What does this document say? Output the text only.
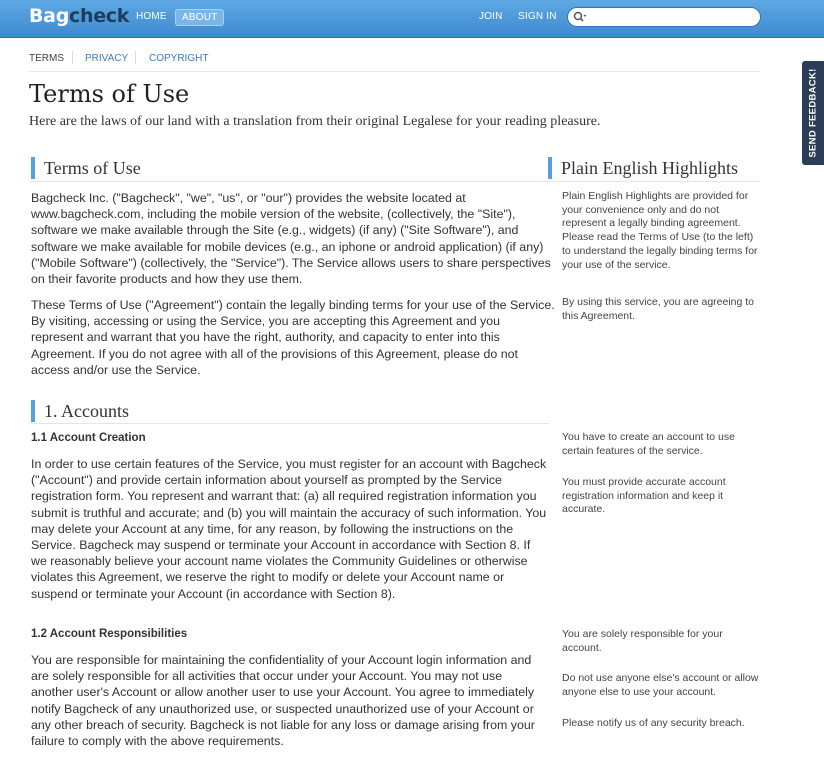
Bagcheck HOME	ABOUT	JOIN SIGN IN
TERMS PRIVACY COPYRIGHT
SEND FEEDBACK!
Terms of Use

Here are the laws of our land with a translation from their original Legalese for your reading pleasure.

Terms of Use	Plain English Highlights

Bagcheck Inc. ("Bagcheck", "we", "us", or "our") provides the website located at www.bagcheck.com, including the mobile version of the website, (collectively, the "Site"), software we make available through the Site (e.g., widgets) (if any) ("Site Software"), and software we make available for mobile devices (e.g., an iphone or android application) (if any) ("Mobile Software") (collectively, the "Service"). The Service allows users to share perspectives on their favorite products and how they use them.

These Terms of Use ("Agreement") contain the legally binding terms for your use of the Service. By visiting, accessing or using the Service, you are accepting this Agreement and you represent and warrant that you have the right, authority, and capacity to enter into this Agreement. If you do not agree with all of the provisions of this Agreement, please do not access and/or use the Service.

Plain English Highlights are provided for your convenience only and do not represent a legally binding agreement. Please read the Terms of Use (to the left) to understand the legally binding terms for your use of the service.

By using this service, you are agreeing to this Agreement.

1. Accounts
1.1 Account Creation

In order to use certain features of the Service, you must register for an account with Bagcheck ("Account") and provide certain information about yourself as prompted by the Service registration form. You represent and warrant that: (a) all required registration information you submit is truthful and accurate; and (b) you will maintain the accuracy of such information. You may delete your Account at any time, for any reason, by following the instructions on the Service. Bagcheck may suspend or terminate your Account in accordance with Section 8. If we reasonably believe your account name violates the Community Guidelines or otherwise violates this Agreement, we reserve the right to modify or delete your Account name or suspend or terminate your Account (in accordance with Section 8).

1.2 Account Responsibilities

You are responsible for maintaining the confidentiality of your Account login information and are solely responsible for all activities that occur under your Account. You may not use another user's Account or allow another user to use your Account. You agree to immediately notify Bagcheck of any unauthorized use, or suspected unauthorized use of your Account or any other breach of security. Bagcheck is not liable for any loss or damage arising from your failure to comply with the above requirements.

You have to create an account to use certain features of the service.

You must provide accurate account registration information and keep it accurate.

You are solely responsible for your account.

Do not use anyone else's account or allow anyone else to use your account.

Please notify us of any security breach.
